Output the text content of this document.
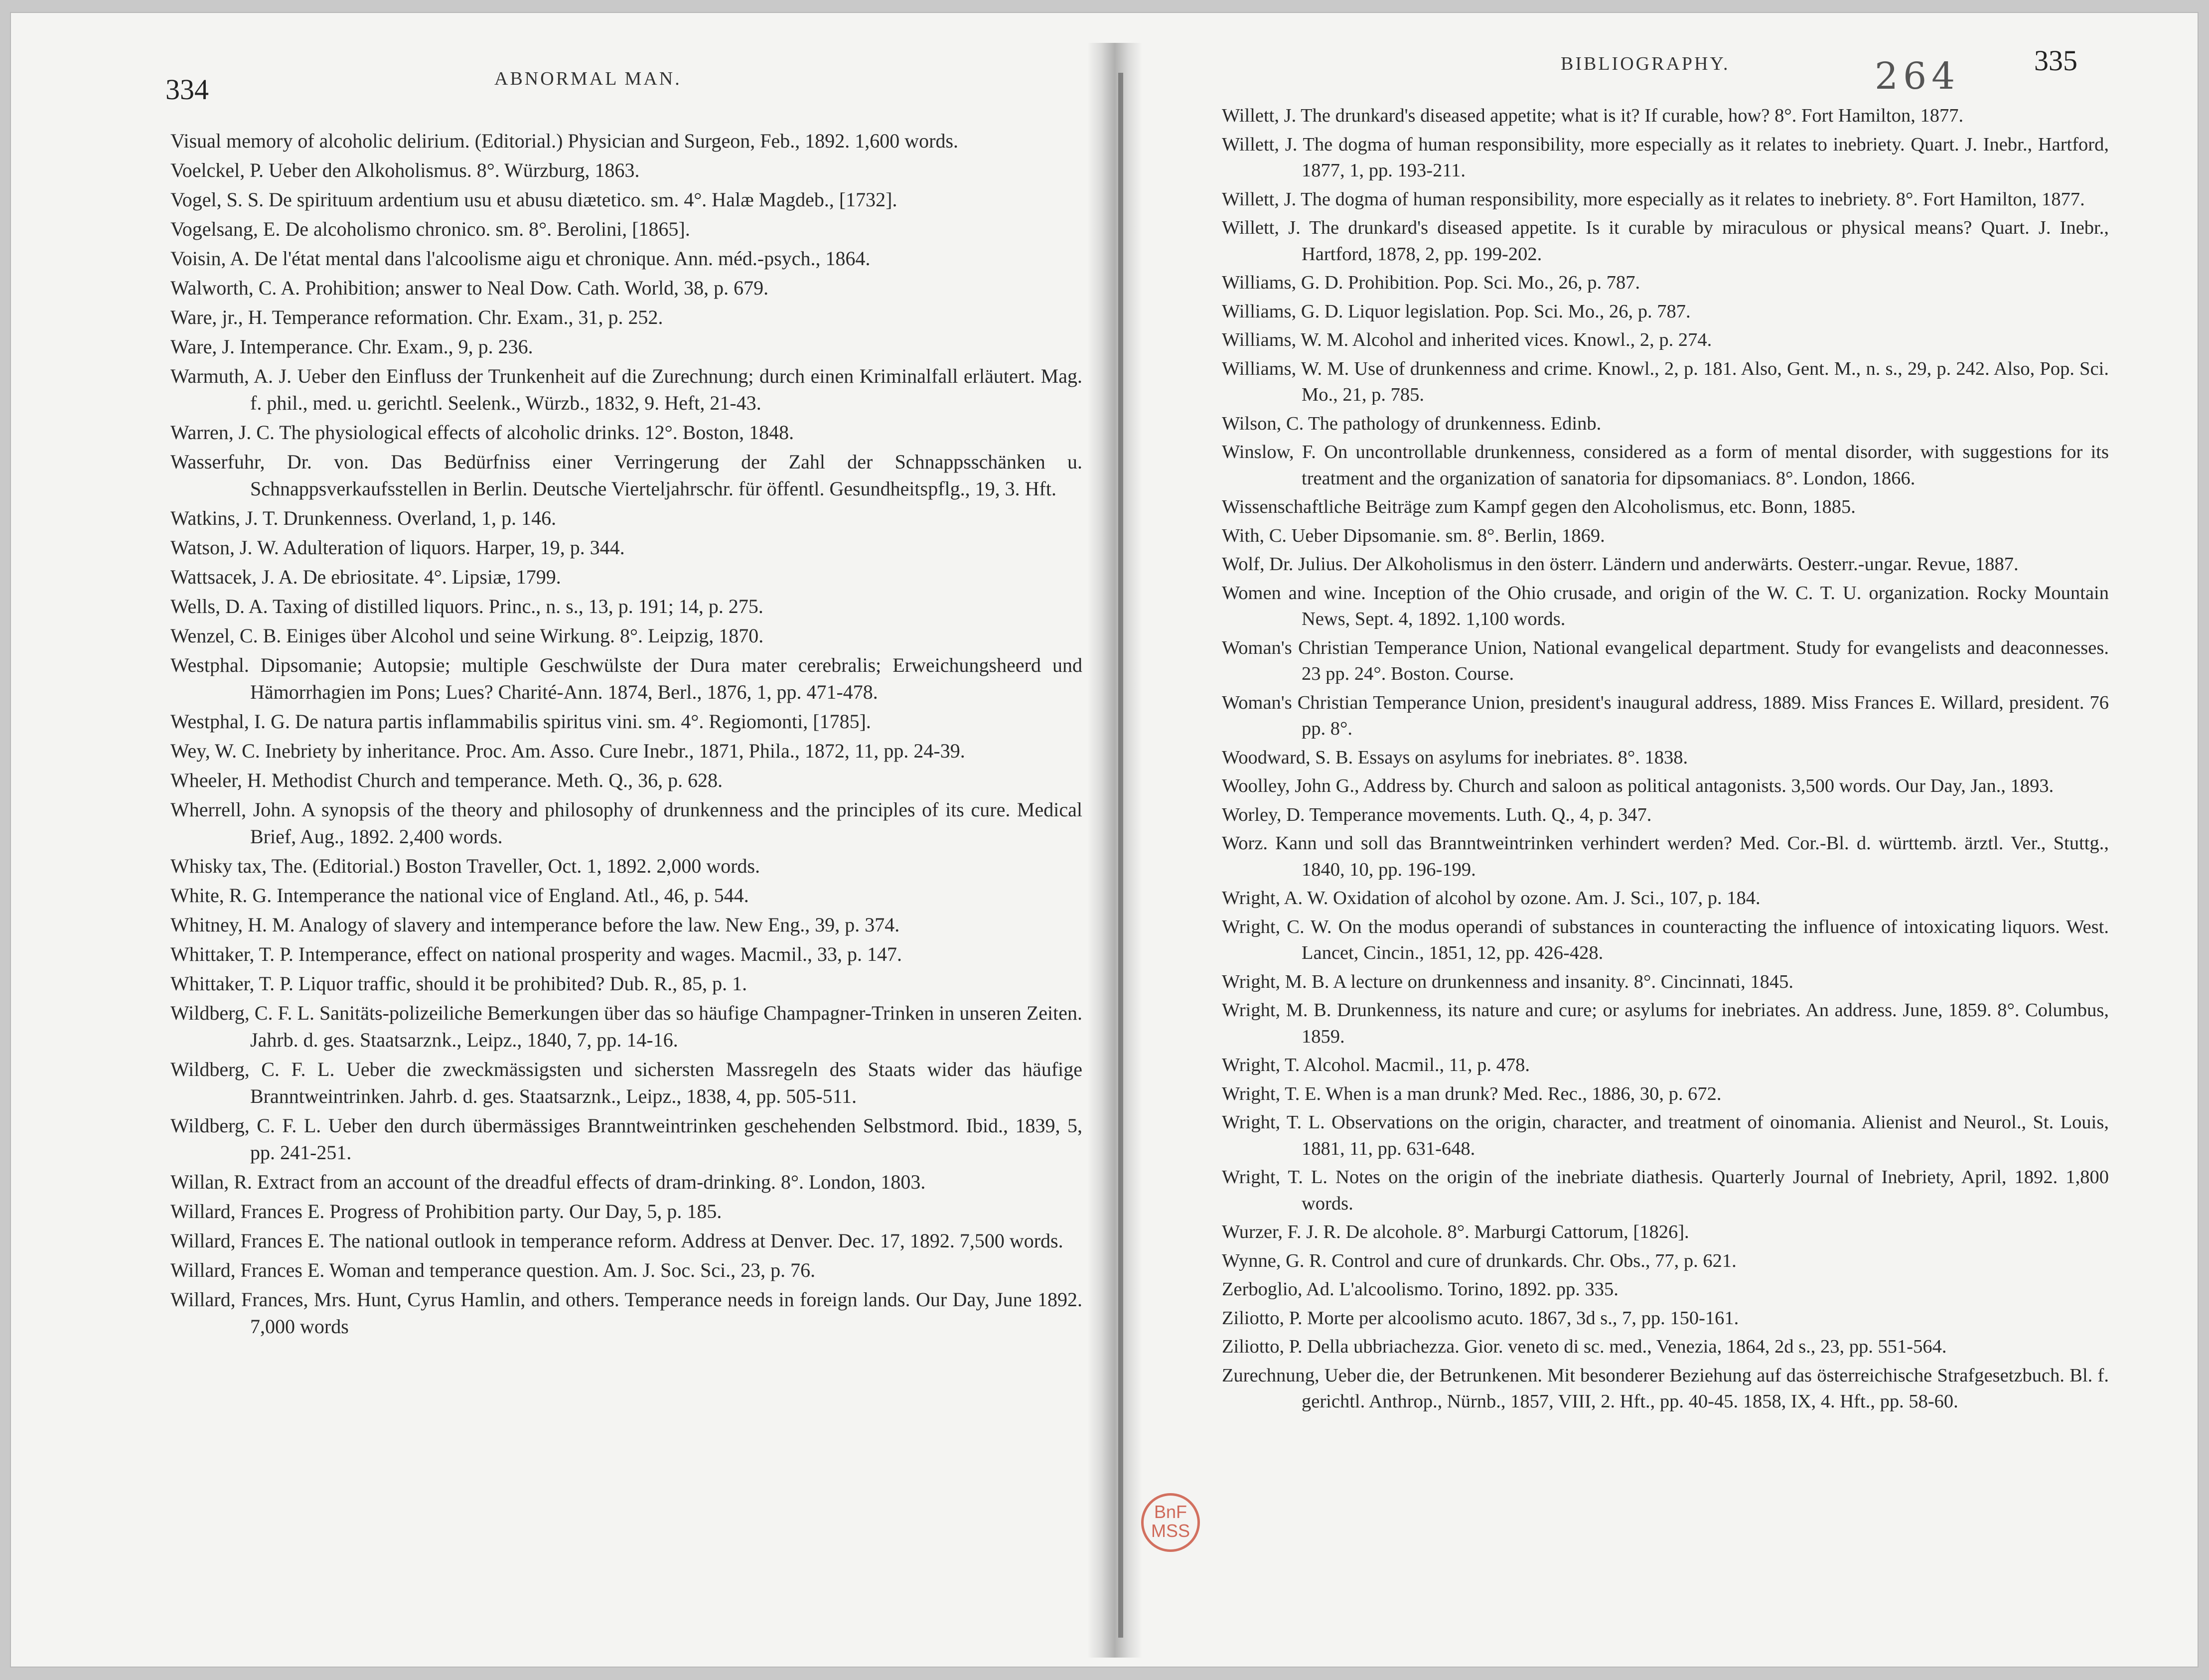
334	ABNORMAL MAN.
Visual memory of alcoholic delirium. (Editorial.) Physician and Surgeon, Feb., 1892. 1,600 words.
Voelckel, P. Ueber den Alkoholismus. 8°. Würzburg, 1863.
Vogel, S. S. De spirituum ardentium usu et abusu diætetico. sm. 4°. Halæ Magdeb., [1732].
Vogelsang, E. De alcoholismo chronico. sm. 8°. Berolini, [1865].
Voisin, A. De l'état mental dans l'alcoolisme aigu et chronique. Ann. méd.-psych., 1864.
Walworth, C. A. Prohibition; answer to Neal Dow. Cath. World, 38, p. 679.
Ware, jr., H. Temperance reformation. Chr. Exam., 31, p. 252.
Ware, J. Intemperance. Chr. Exam., 9, p. 236.
Warmuth, A. J. Ueber den Einfluss der Trunkenheit auf die Zurechnung; durch einen Kriminalfall erläutert. Mag. f. phil., med. u. gerichtl. Seelenk., Würzb., 1832, 9. Heft, 21-43.
Warren, J. C. The physiological effects of alcoholic drinks. 12°. Boston, 1848.
Wasserfuhr, Dr. von. Das Bedürfniss einer Verringerung der Zahl der Schnappsschänken u. Schnappsverkaufsstellen in Berlin. Deutsche Vierteljahrschr. für öffentl. Gesundheitspflg., 19, 3. Hft.
Watkins, J. T. Drunkenness. Overland, 1, p. 146.
Watson, J. W. Adulteration of liquors. Harper, 19, p. 344.
Wattsacek, J. A. De ebriositate. 4°. Lipsiæ, 1799.
Wells, D. A. Taxing of distilled liquors. Princ., n. s., 13, p. 191; 14, p. 275.
Wenzel, C. B. Einiges über Alcohol und seine Wirkung. 8°. Leipzig, 1870.
Westphal. Dipsomanie; Autopsie; multiple Geschwülste der Dura mater cerebralis; Erweichungsheerd und Hämorrhagien im Pons; Lues? Charité-Ann. 1874, Berl., 1876, 1, pp. 471-478.
Westphal, I. G. De natura partis inflammabilis spiritus vini. sm. 4°. Regiomonti, [1785].
Wey, W. C. Inebriety by inheritance. Proc. Am. Asso. Cure Inebr., 1871, Phila., 1872, 11, pp. 24-39.
Wheeler, H. Methodist Church and temperance. Meth. Q., 36, p. 628.
Wherrell, John. A synopsis of the theory and philosophy of drunkenness and the principles of its cure. Medical Brief, Aug., 1892. 2,400 words.
Whisky tax, The. (Editorial.) Boston Traveller, Oct. 1, 1892. 2,000 words.
White, R. G. Intemperance the national vice of England. Atl., 46, p. 544.
Whitney, H. M. Analogy of slavery and intemperance before the law. New Eng., 39, p. 374.
Whittaker, T. P. Intemperance, effect on national prosperity and wages. Macmil., 33, p. 147.
Whittaker, T. P. Liquor traffic, should it be prohibited? Dub. R., 85, p. 1.
Wildberg, C. F. L. Sanitäts-polizeiliche Bemerkungen über das so häufige Champagner-Trinken in unseren Zeiten. Jahrb. d. ges. Staatsarznk., Leipz., 1840, 7, pp. 14-16.
Wildberg, C. F. L. Ueber die zweckmässigsten und sichersten Massregeln des Staats wider das häufige Branntweintrinken. Jahrb. d. ges. Staatsarznk., Leipz., 1838, 4, pp. 505-511.
Wildberg, C. F. L. Ueber den durch übermässiges Branntweintrinken geschehenden Selbstmord. Ibid., 1839, 5, pp. 241-251.
Willan, R. Extract from an account of the dreadful effects of dram-drinking. 8°. London, 1803.
Willard, Frances E. Progress of Prohibition party. Our Day, 5, p. 185.
Willard, Frances E. The national outlook in temperance reform. Address at Denver. Dec. 17, 1892. 7,500 words.
Willard, Frances E. Woman and temperance question. Am. J. Soc. Sci., 23, p. 76.
Willard, Frances, Mrs. Hunt, Cyrus Hamlin, and others. Temperance needs in foreign lands. Our Day, June 1892. 7,000 words
BIBLIOGRAPHY.	335
Willett, J. The drunkard's diseased appetite; what is it? If curable, how? 8°. Fort Hamilton, 1877.
Willett, J. The dogma of human responsibility, more especially as it relates to inebriety. Quart. J. Inebr., Hartford, 1877, 1, pp. 193-211.
Willett, J. The dogma of human responsibility, more especially as it relates to inebriety. 8°. Fort Hamilton, 1877.
Willett, J. The drunkard's diseased appetite. Is it curable by miraculous or physical means? Quart. J. Inebr., Hartford, 1878, 2, pp. 199-202.
Williams, G. D. Prohibition. Pop. Sci. Mo., 26, p. 787.
Williams, G. D. Liquor legislation. Pop. Sci. Mo., 26, p. 787.
Williams, W. M. Alcohol and inherited vices. Knowl., 2, p. 274.
Williams, W. M. Use of drunkenness and crime. Knowl., 2, p. 181. Also, Gent. M., n. s., 29, p. 242. Also, Pop. Sci. Mo., 21, p. 785.
Wilson, C. The pathology of drunkenness. Edinb.
Winslow, F. On uncontrollable drunkenness, considered as a form of mental disorder, with suggestions for its treatment and the organization of sanatoria for dipsomaniacs. 8°. London, 1866.
Wissenschaftliche Beiträge zum Kampf gegen den Alcoholismus, etc. Bonn, 1885.
With, C. Ueber Dipsomanie. sm. 8°. Berlin, 1869.
Wolf, Dr. Julius. Der Alkoholismus in den österr. Ländern und anderwärts. Oesterr.-ungar. Revue, 1887.
Women and wine. Inception of the Ohio crusade, and origin of the W. C. T. U. organization. Rocky Mountain News, Sept. 4, 1892. 1,100 words.
Woman's Christian Temperance Union, National evangelical department. Study for evangelists and deaconnesses. 23 pp. 24°. Boston. Course.
Woman's Christian Temperance Union, president's inaugural address, 1889. Miss Frances E. Willard, president. 76 pp. 8°.
Woodward, S. B. Essays on asylums for inebriates. 8°. 1838.
Woolley, John G., Address by. Church and saloon as political antagonists. 3,500 words. Our Day, Jan., 1893.
Worley, D. Temperance movements. Luth. Q., 4, p. 347.
Worz. Kann und soll das Branntweintrinken verhindert werden? Med. Cor.-Bl. d. württemb. ärztl. Ver., Stuttg., 1840, 10, pp. 196-199.
Wright, A. W. Oxidation of alcohol by ozone. Am. J. Sci., 107, p. 184.
Wright, C. W. On the modus operandi of substances in counteracting the influence of intoxicating liquors. West. Lancet, Cincin., 1851, 12, pp. 426-428.
Wright, M. B. A lecture on drunkenness and insanity. 8°. Cincinnati, 1845.
Wright, M. B. Drunkenness, its nature and cure; or asylums for inebriates. An address. June, 1859. 8°. Columbus, 1859.
Wright, T. Alcohol. Macmil., 11, p. 478.
Wright, T. E. When is a man drunk? Med. Rec., 1886, 30, p. 672.
Wright, T. L. Observations on the origin, character, and treatment of oinomania. Alienist and Neurol., St. Louis, 1881, 11, pp. 631-648.
Wright, T. L. Notes on the origin of the inebriate diathesis. Quarterly Journal of Inebriety, April, 1892. 1,800 words.
Wurzer, F. J. R. De alcohole. 8°. Marburgi Cattorum, [1826].
Wynne, G. R. Control and cure of drunkards. Chr. Obs., 77, p. 621.
Zerboglio, Ad. L'alcoolismo. Torino, 1892. pp. 335.
Ziliotto, P. Morte per alcoolismo acuto. 1867, 3d s., 7, pp. 150-161.
Ziliotto, P. Della ubbriachezza. Gior. veneto di sc. med., Venezia, 1864, 2d s., 23, pp. 551-564.
Zurechnung, Ueber die, der Betrunkenen. Mit besonderer Beziehung auf das österreichische Strafgesetzbuch. Bl. f. gerichtl. Anthrop., Nürnb., 1857, VIII, 2. Hft., pp. 40-45. 1858, IX, 4. Hft., pp. 58-60.
264
BnF
MSS
